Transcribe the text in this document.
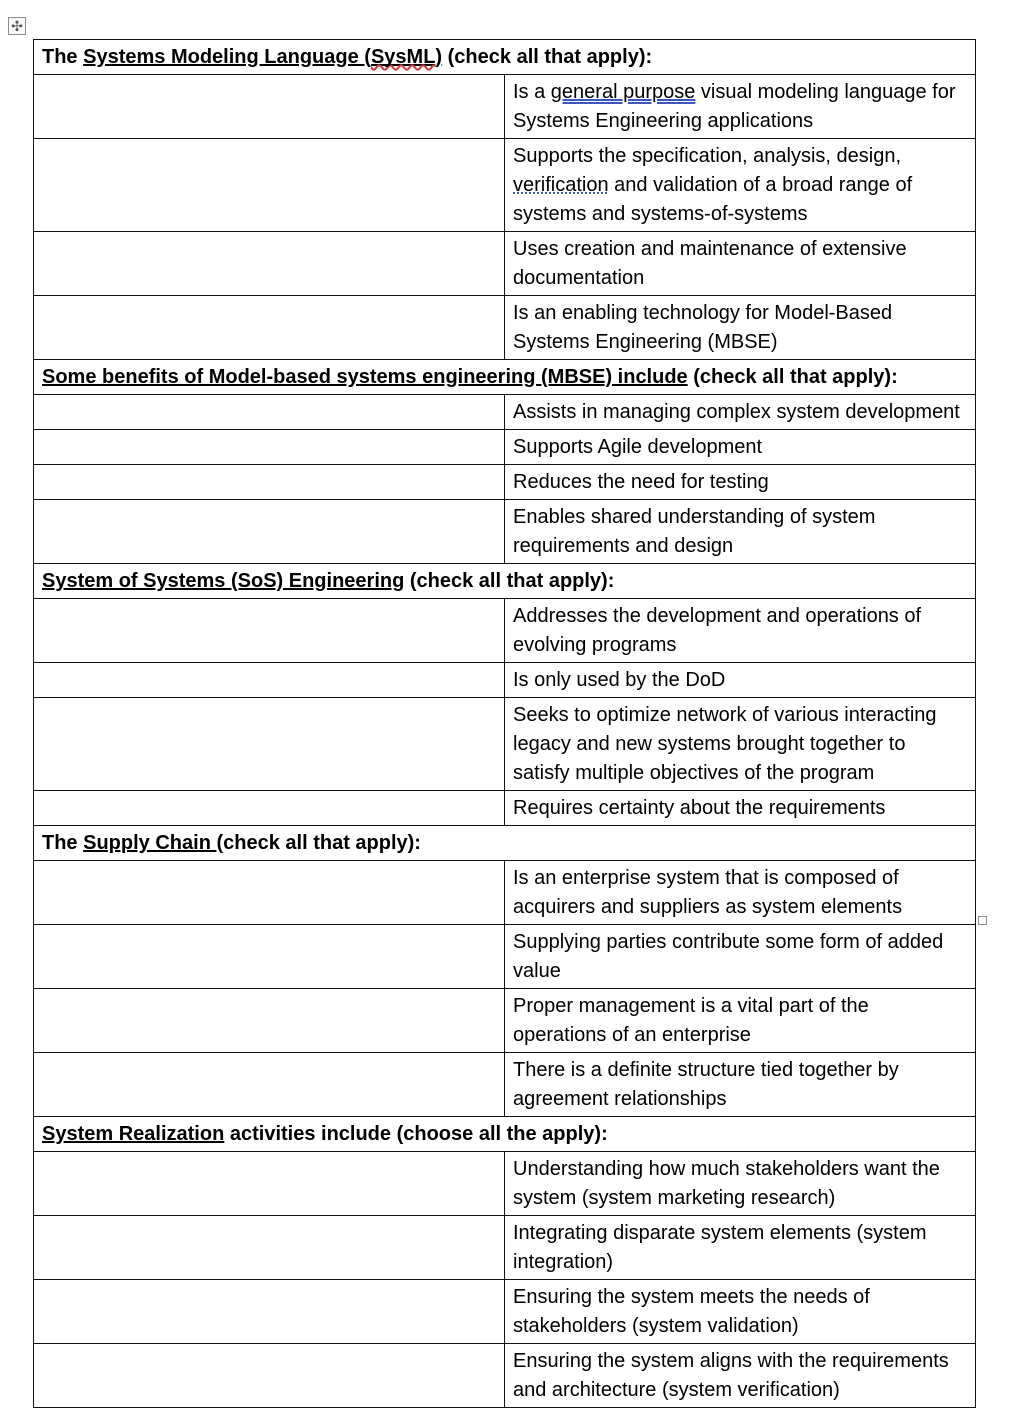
✣
The Systems Modeling Language (SysML) (check all that apply):	
	Is a general purpose visual modeling language for Systems Engineering applications
	Supports the specification, analysis, design, verification and validation of a broad range of systems and systems-of-systems
	Uses creation and maintenance of extensive documentation
	Is an enabling technology for Model-Based Systems Engineering (MBSE)
Some benefits of Model-based systems engineering (MBSE) include (check all that apply):	
	Assists in managing complex system development
	Supports Agile development
	Reduces the need for testing
	Enables shared understanding of system requirements and design
System of Systems (SoS) Engineering (check all that apply):	
	Addresses the development and operations of evolving programs
	Is only used by the DoD
	Seeks to optimize network of various interacting legacy and new systems brought together to satisfy multiple objectives of the program
	Requires certainty about the requirements
The Supply Chain (check all that apply):	
	Is an enterprise system that is composed of acquirers and suppliers as system elements
	Supplying parties contribute some form of added value
	Proper management is a vital part of the operations of an enterprise
	There is a definite structure tied together by agreement relationships
System Realization activities include (choose all the apply):	
	Understanding how much stakeholders want the system (system marketing research)
	Integrating disparate system elements (system integration)
	Ensuring the system meets the needs of stakeholders (system validation)
	Ensuring the system aligns with the requirements and architecture (system verification)
